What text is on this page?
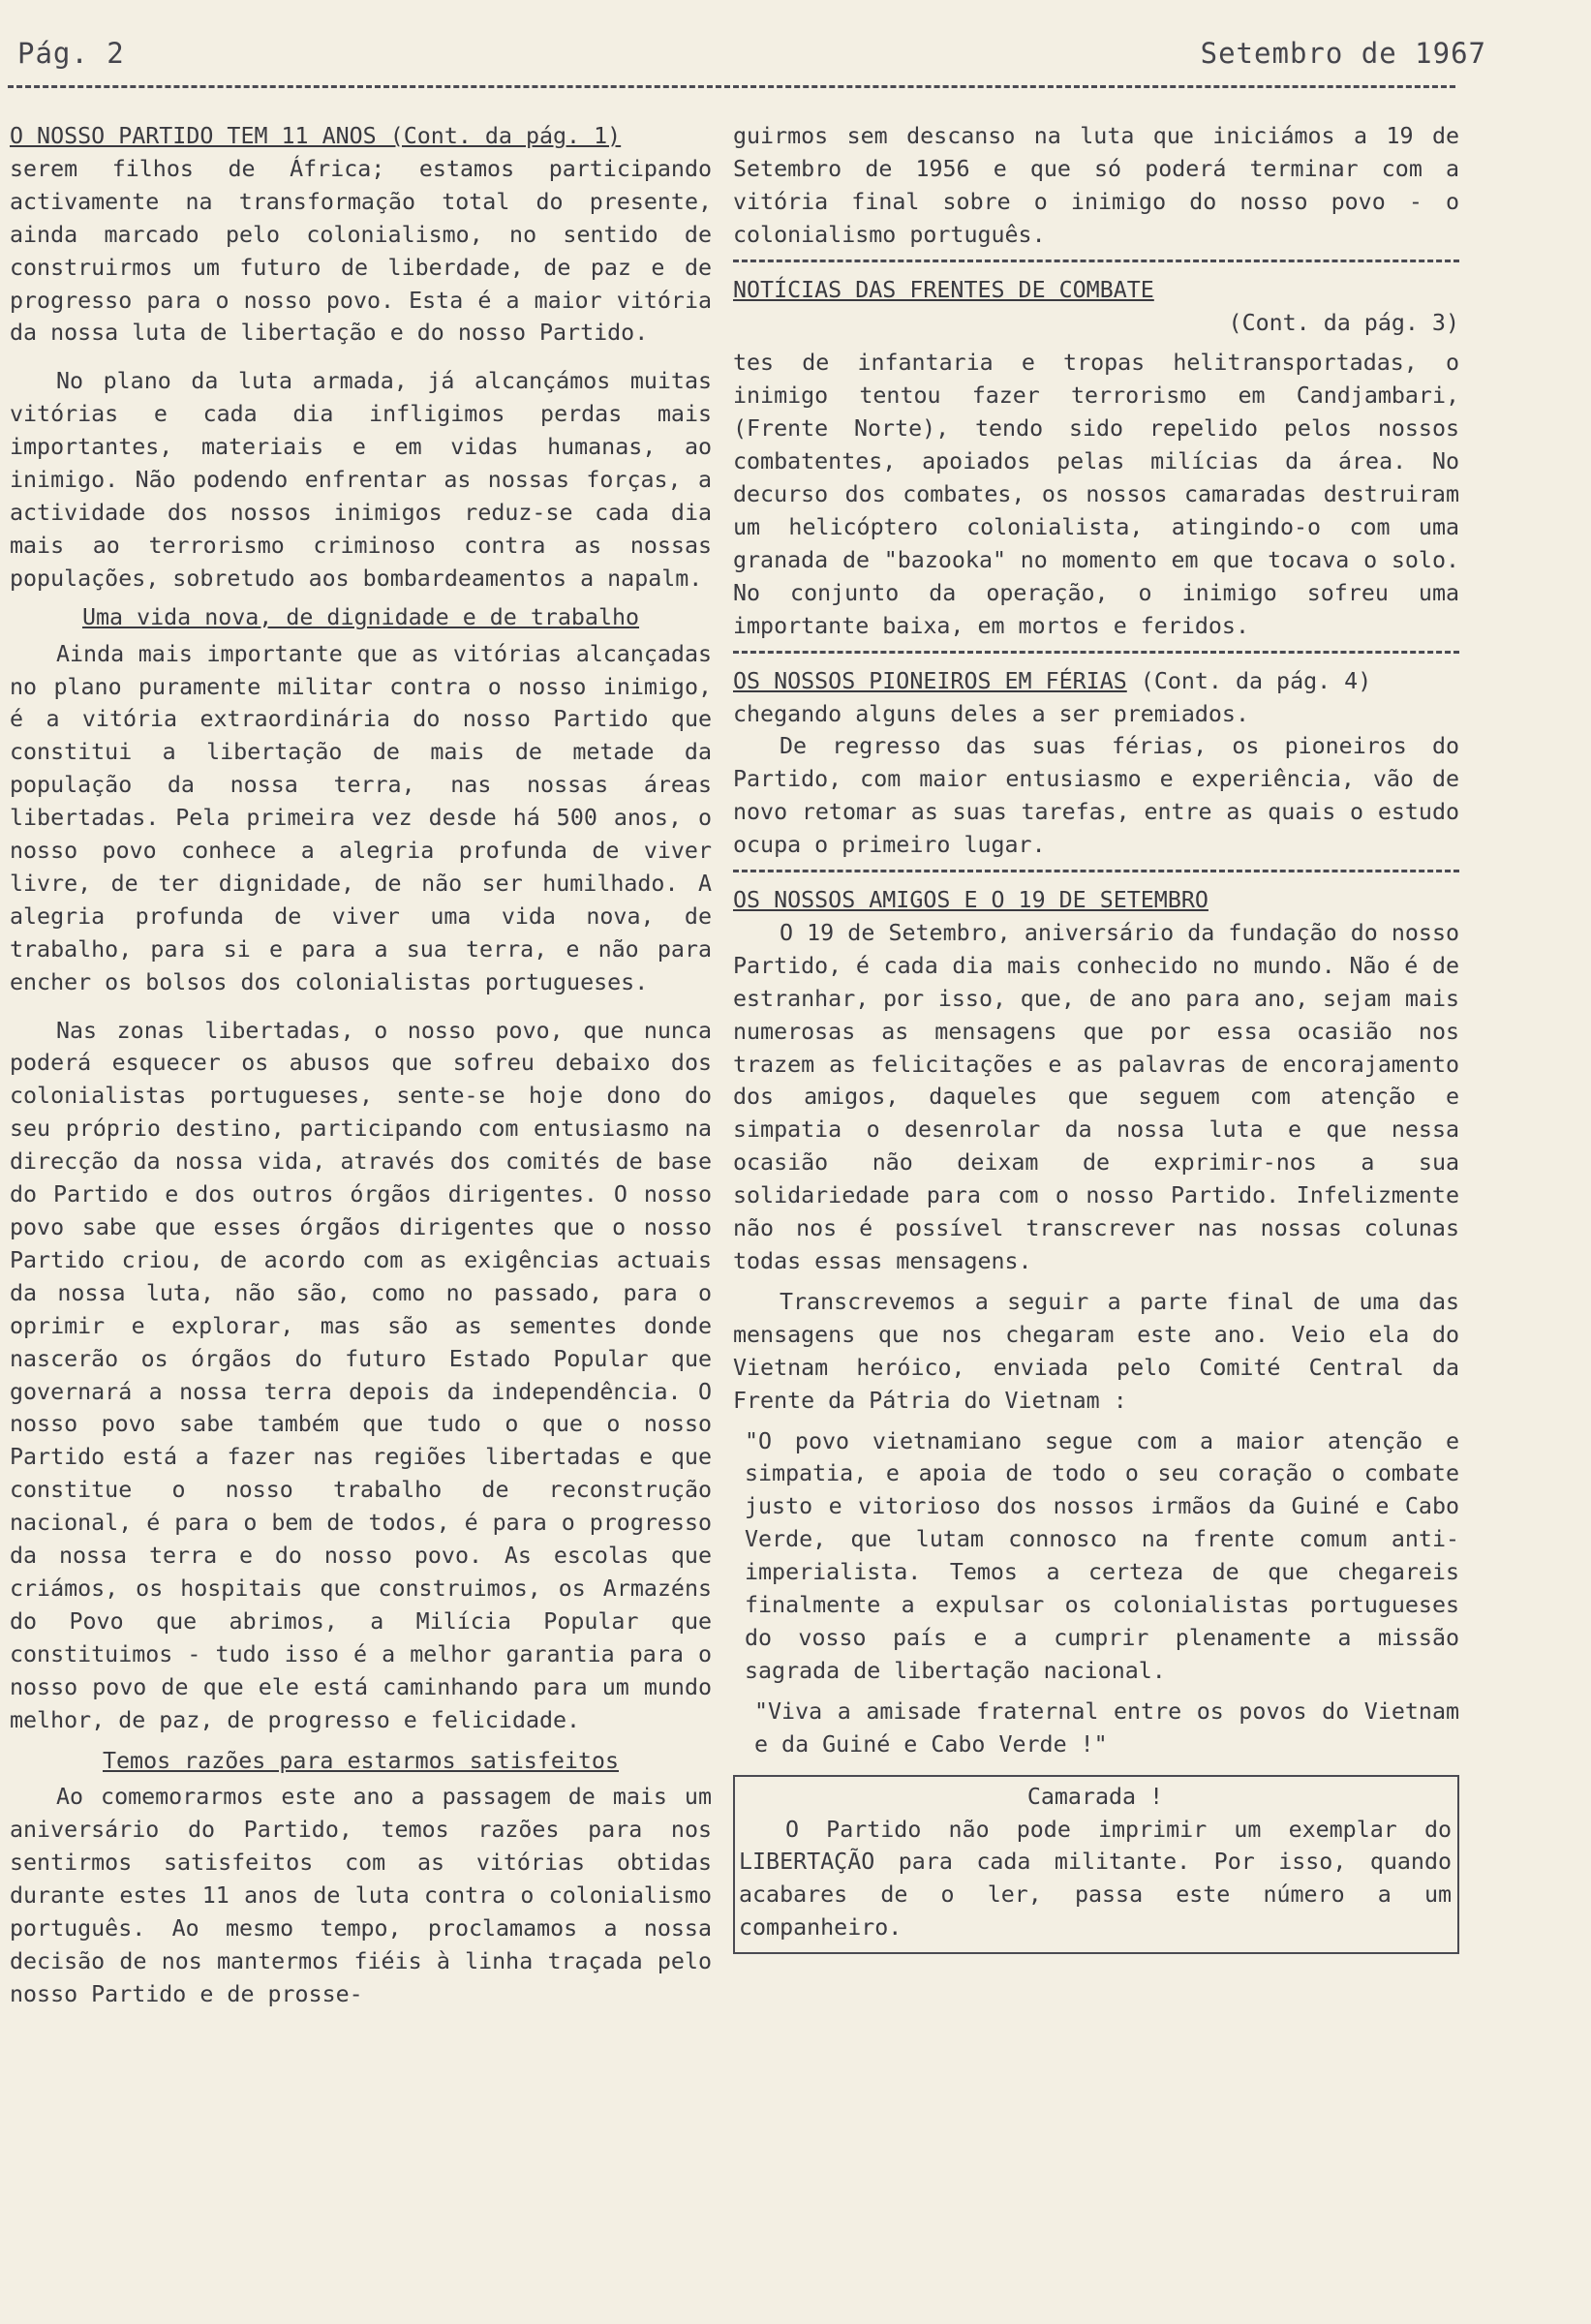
Pág. 2	Setembro de 1967
O NOSSO PARTIDO TEM 11 ANOS (Cont. da pág. 1)

serem filhos de África; estamos participando activamente na transformação total do presente, ainda marcado pelo colonialismo, no sentido de construirmos um futuro de liberdade, de paz e de progresso para o nosso povo. Esta é a maior vitória da nossa luta de libertação e do nosso Partido.

No plano da luta armada, já alcançámos muitas vitórias e cada dia infligimos perdas mais importantes, materiais e em vidas humanas, ao inimigo. Não podendo enfrentar as nossas forças, a actividade dos nossos inimigos reduz-se cada dia mais ao terrorismo criminoso contra as nossas populações, sobretudo aos bombardeamentos a napalm.

Uma vida nova, de dignidade e de trabalho

Ainda mais importante que as vitórias alcançadas no plano puramente militar contra o nosso inimigo, é a vitória extraordinária do nosso Partido que constitui a libertação de mais de metade da população da nossa terra, nas nossas áreas libertadas. Pela primeira vez desde há 500 anos, o nosso povo conhece a alegria profunda de viver livre, de ter dignidade, de não ser humilhado. A alegria profunda de viver uma vida nova, de trabalho, para si e para a sua terra, e não para encher os bolsos dos colonialistas portugueses.

Nas zonas libertadas, o nosso povo, que nunca poderá esquecer os abusos que sofreu debaixo dos colonialistas portugueses, sente-se hoje dono do seu próprio destino, participando com entusiasmo na direcção da nossa vida, através dos comités de base do Partido e dos outros órgãos dirigentes. O nosso povo sabe que esses órgãos dirigentes que o nosso Partido criou, de acordo com as exigências actuais da nossa luta, não são, como no passado, para o oprimir e explorar, mas são as sementes donde nascerão os órgãos do futuro Estado Popular que governará a nossa terra depois da independência. O nosso povo sabe também que tudo o que o nosso Partido está a fazer nas regiões libertadas e que constitue o nosso trabalho de reconstrução nacional, é para o bem de todos, é para o progresso da nossa terra e do nosso povo. As escolas que criámos, os hospitais que construimos, os Armazéns do Povo que abrimos, a Milícia Popular que constituimos - tudo isso é a melhor garantia para o nosso povo de que ele está caminhando para um mundo melhor, de paz, de progresso e felicidade.

Temos razões para estarmos satisfeitos

Ao comemorarmos este ano a passagem de mais um aniversário do Partido, temos razões para nos sentirmos satisfeitos com as vitórias obtidas durante estes 11 anos de luta contra o colonialismo português. Ao mesmo tempo, proclamamos a nossa decisão de nos mantermos fiéis à linha traçada pelo nosso Partido e de prosse-

guirmos sem descanso na luta que iniciámos a 19 de Setembro de 1956 e que só poderá terminar com a vitória final sobre o inimigo do nosso povo - o colonialismo português.

NOTÍCIAS DAS FRENTES DE COMBATE
(Cont. da pág. 3)

tes de infantaria e tropas helitransportadas, o inimigo tentou fazer terrorismo em Candjambari, (Frente Norte), tendo sido repelido pelos nossos combatentes, apoiados pelas milícias da área. No decurso dos combates, os nossos camaradas destruiram um helicóptero colonialista, atingindo-o com uma granada de "bazooka" no momento em que tocava o solo. No conjunto da operação, o inimigo sofreu uma importante baixa, em mortos e feridos.

OS NOSSOS PIONEIROS EM FÉRIAS (Cont. da pág. 4)

chegando alguns deles a ser premiados.

De regresso das suas férias, os pioneiros do Partido, com maior entusiasmo e experiência, vão de novo retomar as suas tarefas, entre as quais o estudo ocupa o primeiro lugar.

OS NOSSOS AMIGOS E O 19 DE SETEMBRO

O 19 de Setembro, aniversário da fundação do nosso Partido, é cada dia mais conhecido no mundo. Não é de estranhar, por isso, que, de ano para ano, sejam mais numerosas as mensagens que por essa ocasião nos trazem as felicitações e as palavras de encorajamento dos amigos, daqueles que seguem com atenção e simpatia o desenrolar da nossa luta e que nessa ocasião não deixam de exprimir-nos a sua solidariedade para com o nosso Partido. Infelizmente não nos é possível transcrever nas nossas colunas todas essas mensagens.

Transcrevemos a seguir a parte final de uma das mensagens que nos chegaram este ano. Veio ela do Vietnam heróico, enviada pelo Comité Central da Frente da Pátria do Vietnam :

"O povo vietnamiano segue com a maior atenção e simpatia, e apoia de todo o seu coração o combate justo e vitorioso dos nossos irmãos da Guiné e Cabo Verde, que lutam connosco na frente comum anti-imperialista. Temos a certeza de que chegareis finalmente a expulsar os colonialistas portugueses do vosso país e a cumprir plenamente a missão sagrada de libertação nacional.

"Viva a amisade fraternal entre os povos do Vietnam e da Guiné e Cabo Verde !"

Camarada !

O Partido não pode imprimir um exemplar do LIBERTAÇÃO para cada militante. Por isso, quando acabares de o ler, passa este número a um companheiro.
